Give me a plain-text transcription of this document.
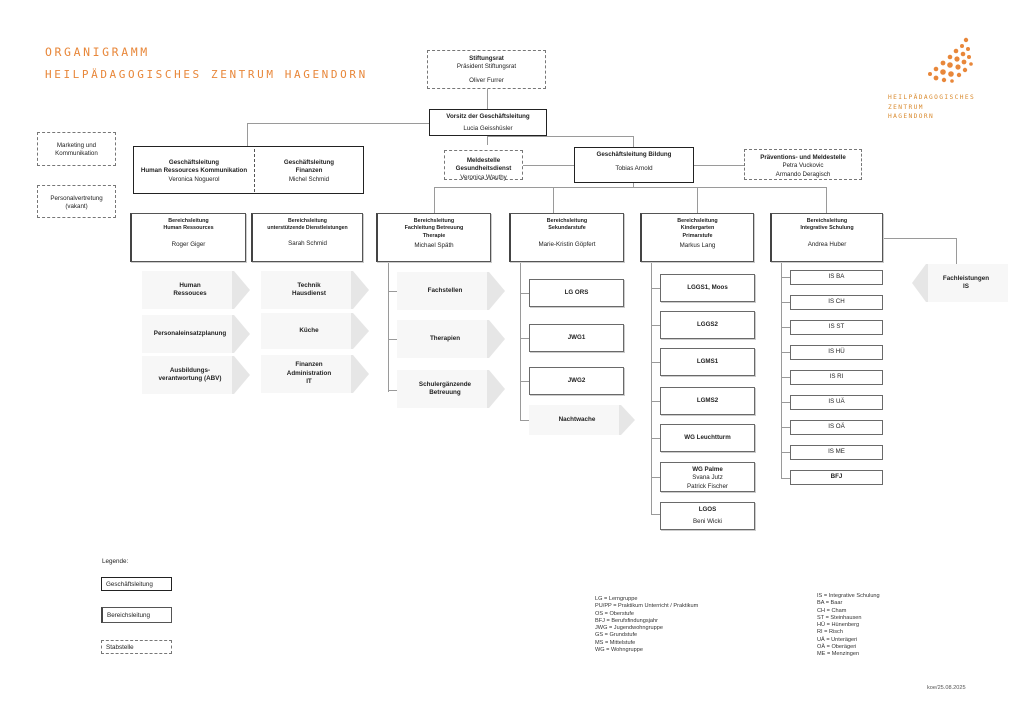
ORGANIGRAMM
HEILPÄDAGOGISCHES ZENTRUM HAGENDORN
HEILPÄDAGOGISCHES
ZENTRUM
HAGENDORN
Stiftungsrat
Präsident Stiftungsrat
Oliver Furrer
Vorsitz der Geschäftsleitung
Lucia Geisshüsler
Marketing und
Kommunikation
Personalvertretung
(vakant)
Meldestelle Gesundheitsdienst
Veronica Wauthy
Präventions- und Meldestelle
Petra Vuckovic
Armando Deragisch
Geschäftsleitung
Human Ressources Kommunikation
Veronica Noguerol
Geschäftsleitung
Finanzen
Michel Schmid
Geschäftsleitung Bildung
Tobias Arnold
Bereichsleitung
Human Ressources
Roger Giger
Bereichsleitung
unterstützende Dienstleistungen
Sarah Schmid
Bereichsleitung
Fachleitung Betreuung
Therapie
Michael Späth
Bereichsleitung
Sekundarstufe
Marie-Kristin Göpfert
Bereichsleitung
Kindergarten
Primarstufe
Markus Lang
Bereichsleitung
Integrative Schulung
Andrea Huber
Human
Ressouces
Personaleinsatzplanung
Ausbildungs-
verantwortung (ABV)
Technik
Hausdienst
Küche
Finanzen
Administration
IT
Fachstellen
Therapien
Schulergänzende
Betreuung
LG ORS
JWG1
JWG2
Nachtwache
LGGS1, Moos
LGGS2
LGMS1
LGMS2
WG Leuchtturm
WG Palme
Svana Jutz
Patrick Fischer
LGOS
Beni Wicki
IS BA
IS CH
IS ST
IS HÜ
IS RI
IS UÄ
IS OÄ
IS ME
BFJ
Fachleistungen
IS
Legende:
Geschäftsleitung
Bereichsleitung
Stabstelle
LG = Lerngruppe
PU/PP = Praktikum Unterricht / Praktikum
OS = Oberstufe
BFJ = Berufsfindungsjahr
JWG = Jugendwohngruppe
GS = Grundstufe
MS = Mittelstufe
WG = Wohngruppe
IS = Integrative Schulung
BA = Baar
CH = Cham
ST = Steinhausen
HÜ = Hünenberg
RI = Risch
UÄ = Unterägeri
OÄ = Oberägeri
ME = Menzingen
koe/25.08.2025
